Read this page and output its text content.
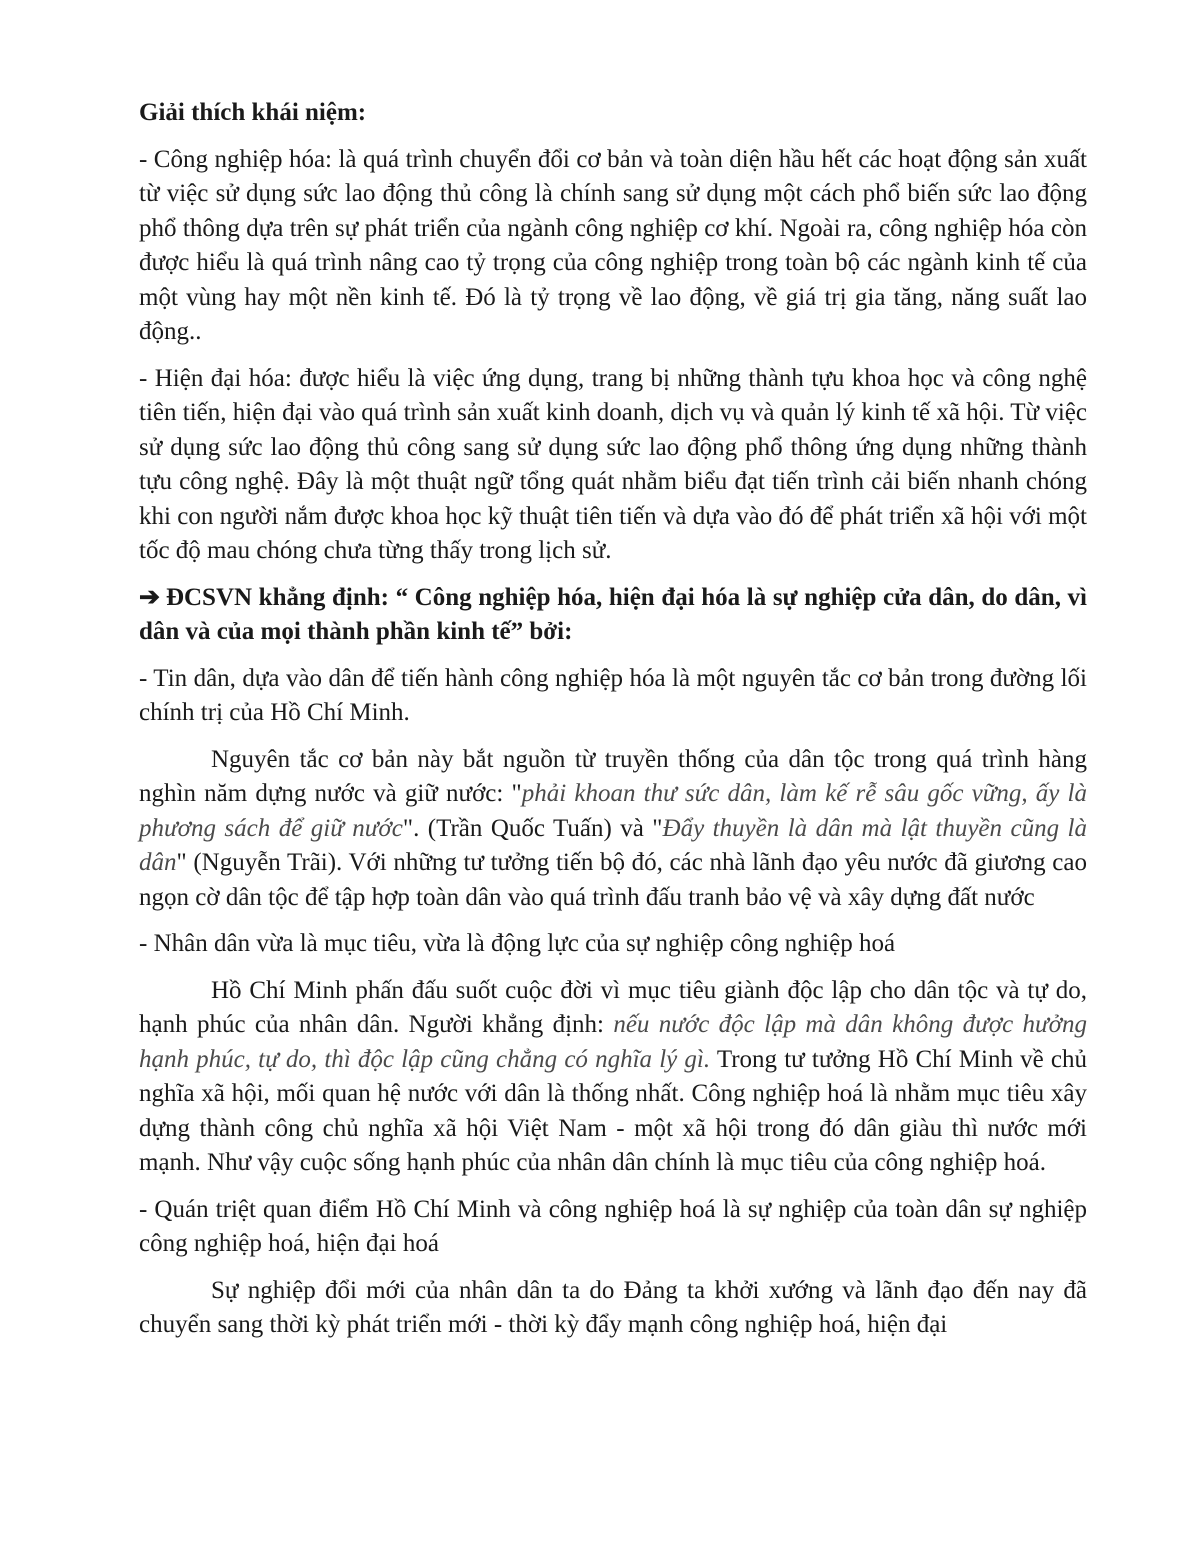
Giải thích khái niệm:

- Công nghiệp hóa: là quá trình chuyển đổi cơ bản và toàn diện hầu hết các hoạt động sản xuất từ việc sử dụng sức lao động thủ công là chính sang sử dụng một cách phổ biến sức lao động phổ thông dựa trên sự phát triển của ngành công nghiệp cơ khí. Ngoài ra, công nghiệp hóa còn được hiểu là quá trình nâng cao tỷ trọng của công nghiệp trong toàn bộ các ngành kinh tế của một vùng hay một nền kinh tế. Đó là tỷ trọng về lao động, về giá trị gia tăng, năng suất lao động..

- Hiện đại hóa: được hiểu là việc ứng dụng, trang bị những thành tựu khoa học và công nghệ tiên tiến, hiện đại vào quá trình sản xuất kinh doanh, dịch vụ và quản lý kinh tế xã hội. Từ việc sử dụng sức lao động thủ công sang sử dụng sức lao động phổ thông ứng dụng những thành tựu công nghệ. Đây là một thuật ngữ tổng quát nhằm biểu đạt tiến trình cải biến nhanh chóng khi con người nắm được khoa học kỹ thuật tiên tiến và dựa vào đó để phát triển xã hội với một tốc độ mau chóng chưa từng thấy trong lịch sử.

➔ ĐCSVN khẳng định: “ Công nghiệp hóa, hiện đại hóa là sự nghiệp cửa dân, do dân, vì dân và của mọi thành phần kinh tế” bởi:

- Tin dân, dựa vào dân để tiến hành công nghiệp hóa là một nguyên tắc cơ bản trong đường lối chính trị của Hồ Chí Minh.

Nguyên tắc cơ bản này bắt nguồn từ truyền thống của dân tộc trong quá trình hàng nghìn năm dựng nước và giữ nước: "phải khoan thư sức dân, làm kế rễ sâu gốc vững, ấy là phương sách để giữ nước". (Trần Quốc Tuấn) và "Đẩy thuyền là dân mà lật thuyền cũng là dân" (Nguyễn Trãi). Với những tư tưởng tiến bộ đó, các nhà lãnh đạo yêu nước đã giương cao ngọn cờ dân tộc để tập hợp toàn dân vào quá trình đấu tranh bảo vệ và xây dựng đất nước

- Nhân dân vừa là mục tiêu, vừa là động lực của sự nghiệp công nghiệp hoá

Hồ Chí Minh phấn đấu suốt cuộc đời vì mục tiêu giành độc lập cho dân tộc và tự do, hạnh phúc của nhân dân. Người khẳng định: nếu nước độc lập mà dân không được hưởng hạnh phúc, tự do, thì độc lập cũng chẳng có nghĩa lý gì. Trong tư tưởng Hồ Chí Minh về chủ nghĩa xã hội, mối quan hệ nước với dân là thống nhất. Công nghiệp hoá là nhằm mục tiêu xây dựng thành công chủ nghĩa xã hội Việt Nam - một xã hội trong đó dân giàu thì nước mới mạnh. Như vậy cuộc sống hạnh phúc của nhân dân chính là mục tiêu của công nghiệp hoá.

- Quán triệt quan điểm Hồ Chí Minh và công nghiệp hoá là sự nghiệp của toàn dân sự nghiệp công nghiệp hoá, hiện đại hoá

Sự nghiệp đổi mới của nhân dân ta do Đảng ta khởi xướng và lãnh đạo đến nay đã chuyển sang thời kỳ phát triển mới - thời kỳ đẩy mạnh công nghiệp hoá, hiện đại
